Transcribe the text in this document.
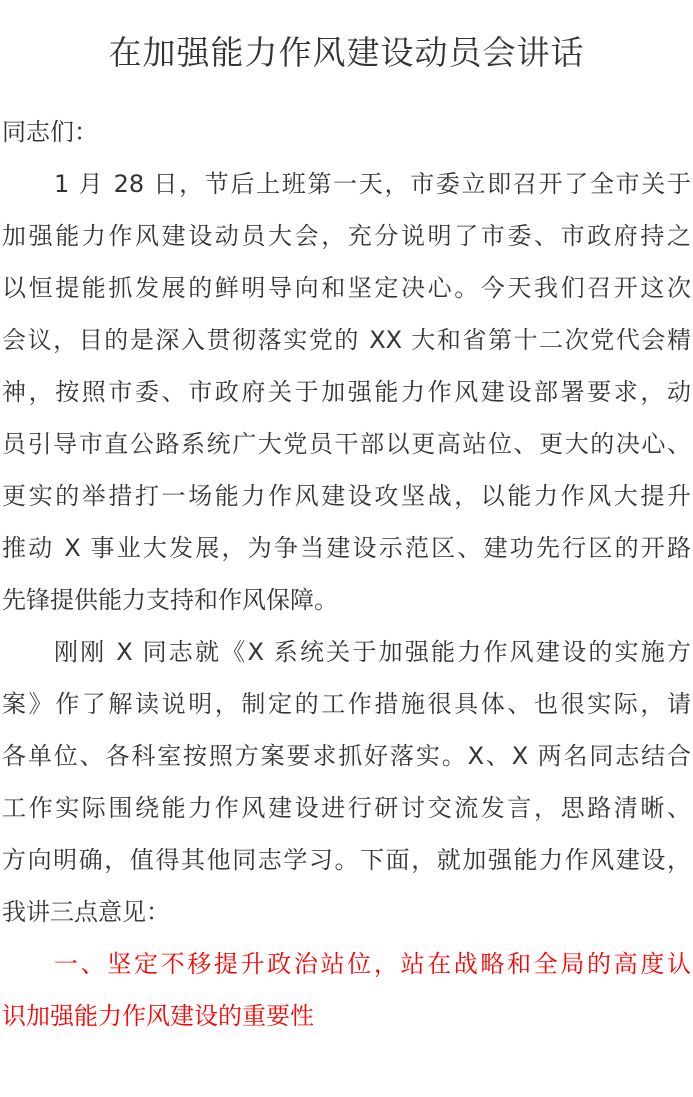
在加强能力作风建设动员会讲话
同志们：
1 月 28 日，节后上班第一天，市委立即召开了全市关于
加强能力作风建设动员大会，充分说明了市委、市政府持之
以恒提能抓发展的鲜明导向和坚定决心。今天我们召开这次
会议，目的是深入贯彻落实党的 XX 大和省第十二次党代会精
神，按照市委、市政府关于加强能力作风建设部署要求，动
员引导市直公路系统广大党员干部以更高站位、更大的决心、
更实的举措打一场能力作风建设攻坚战，以能力作风大提升
推动 X 事业大发展，为争当建设示范区、建功先行区的开路
先锋提供能力支持和作风保障。
刚刚 X 同志就《X 系统关于加强能力作风建设的实施方
案》作了解读说明，制定的工作措施很具体、也很实际，请
各单位、各科室按照方案要求抓好落实。X、X 两名同志结合
工作实际围绕能力作风建设进行研讨交流发言，思路清晰、
方向明确，值得其他同志学习。下面，就加强能力作风建设，
我讲三点意见：
一、坚定不移提升政治站位，站在战略和全局的高度认
识加强能力作风建设的重要性
